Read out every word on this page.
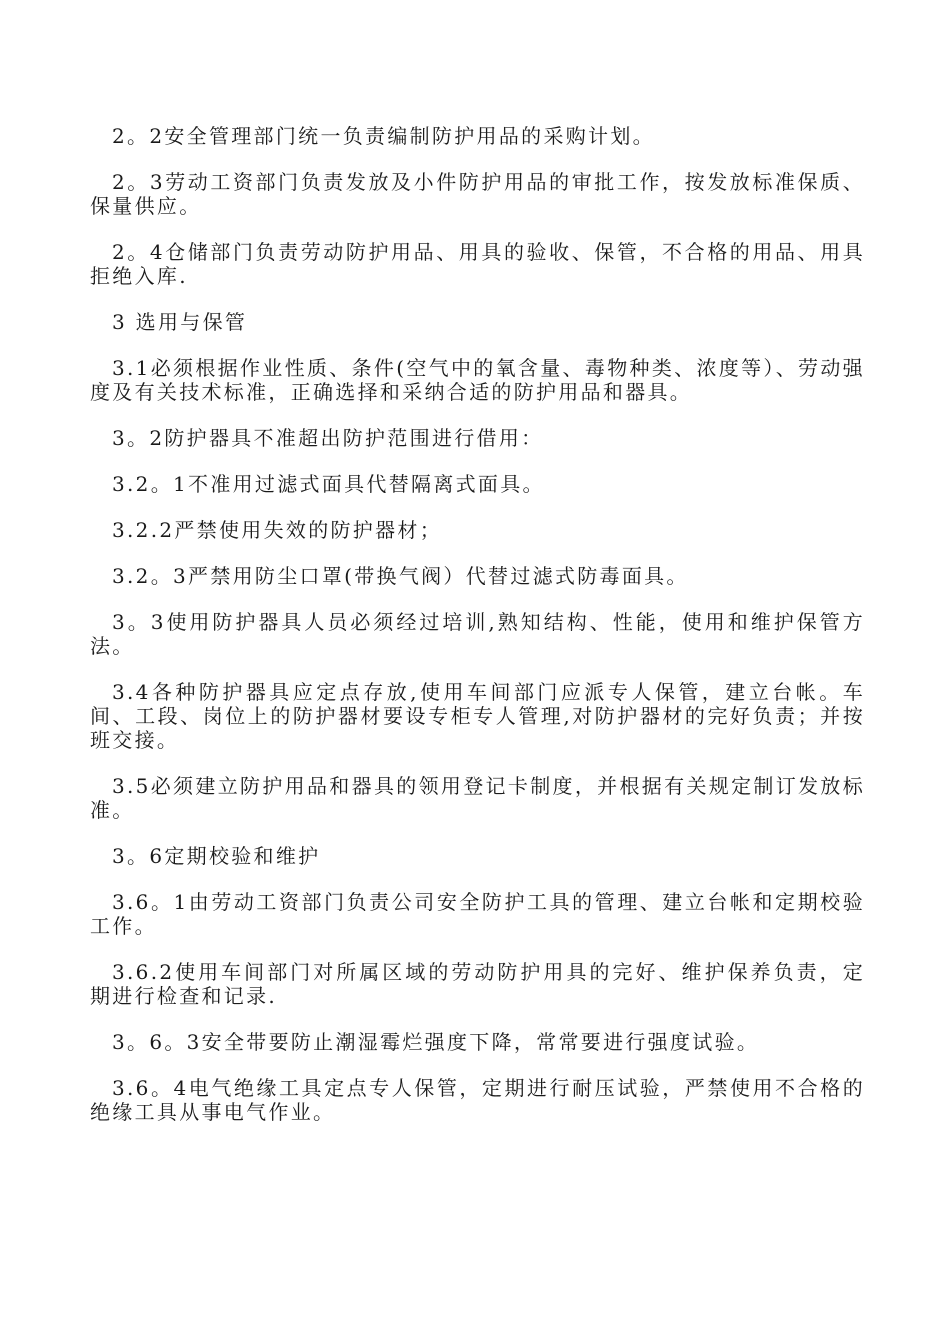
2。2安全管理部门统一负责编制防护用品的采购计划。

2。3劳动工资部门负责发放及小件防护用品的审批工作，按发放标准保质、保量供应。

2。4仓储部门负责劳动防护用品、用具的验收、保管，不合格的用品、用具拒绝入库.

3 选用与保管

3.1必须根据作业性质、条件(空气中的氧含量、毒物种类、浓度等）、劳动强度及有关技术标准，正确选择和采纳合适的防护用品和器具。

3。2防护器具不准超出防护范围进行借用：

3.2。1不准用过滤式面具代替隔离式面具。

3.2.2严禁使用失效的防护器材；

3.2。3严禁用防尘口罩(带换气阀）代替过滤式防毒面具。

3。3使用防护器具人员必须经过培训,熟知结构、性能，使用和维护保管方法。

3.4各种防护器具应定点存放,使用车间部门应派专人保管，建立台帐。车间、工段、岗位上的防护器材要设专柜专人管理,对防护器材的完好负责；并按班交接。

3.5必须建立防护用品和器具的领用登记卡制度，并根据有关规定制订发放标准。

3。6定期校验和维护

3.6。1由劳动工资部门负责公司安全防护工具的管理、建立台帐和定期校验工作。

3.6.2使用车间部门对所属区域的劳动防护用具的完好、维护保养负责，定期进行检查和记录.

3。6。3安全带要防止潮湿霉烂强度下降，常常要进行强度试验。

3.6。4电气绝缘工具定点专人保管，定期进行耐压试验，严禁使用不合格的绝缘工具从事电气作业。
